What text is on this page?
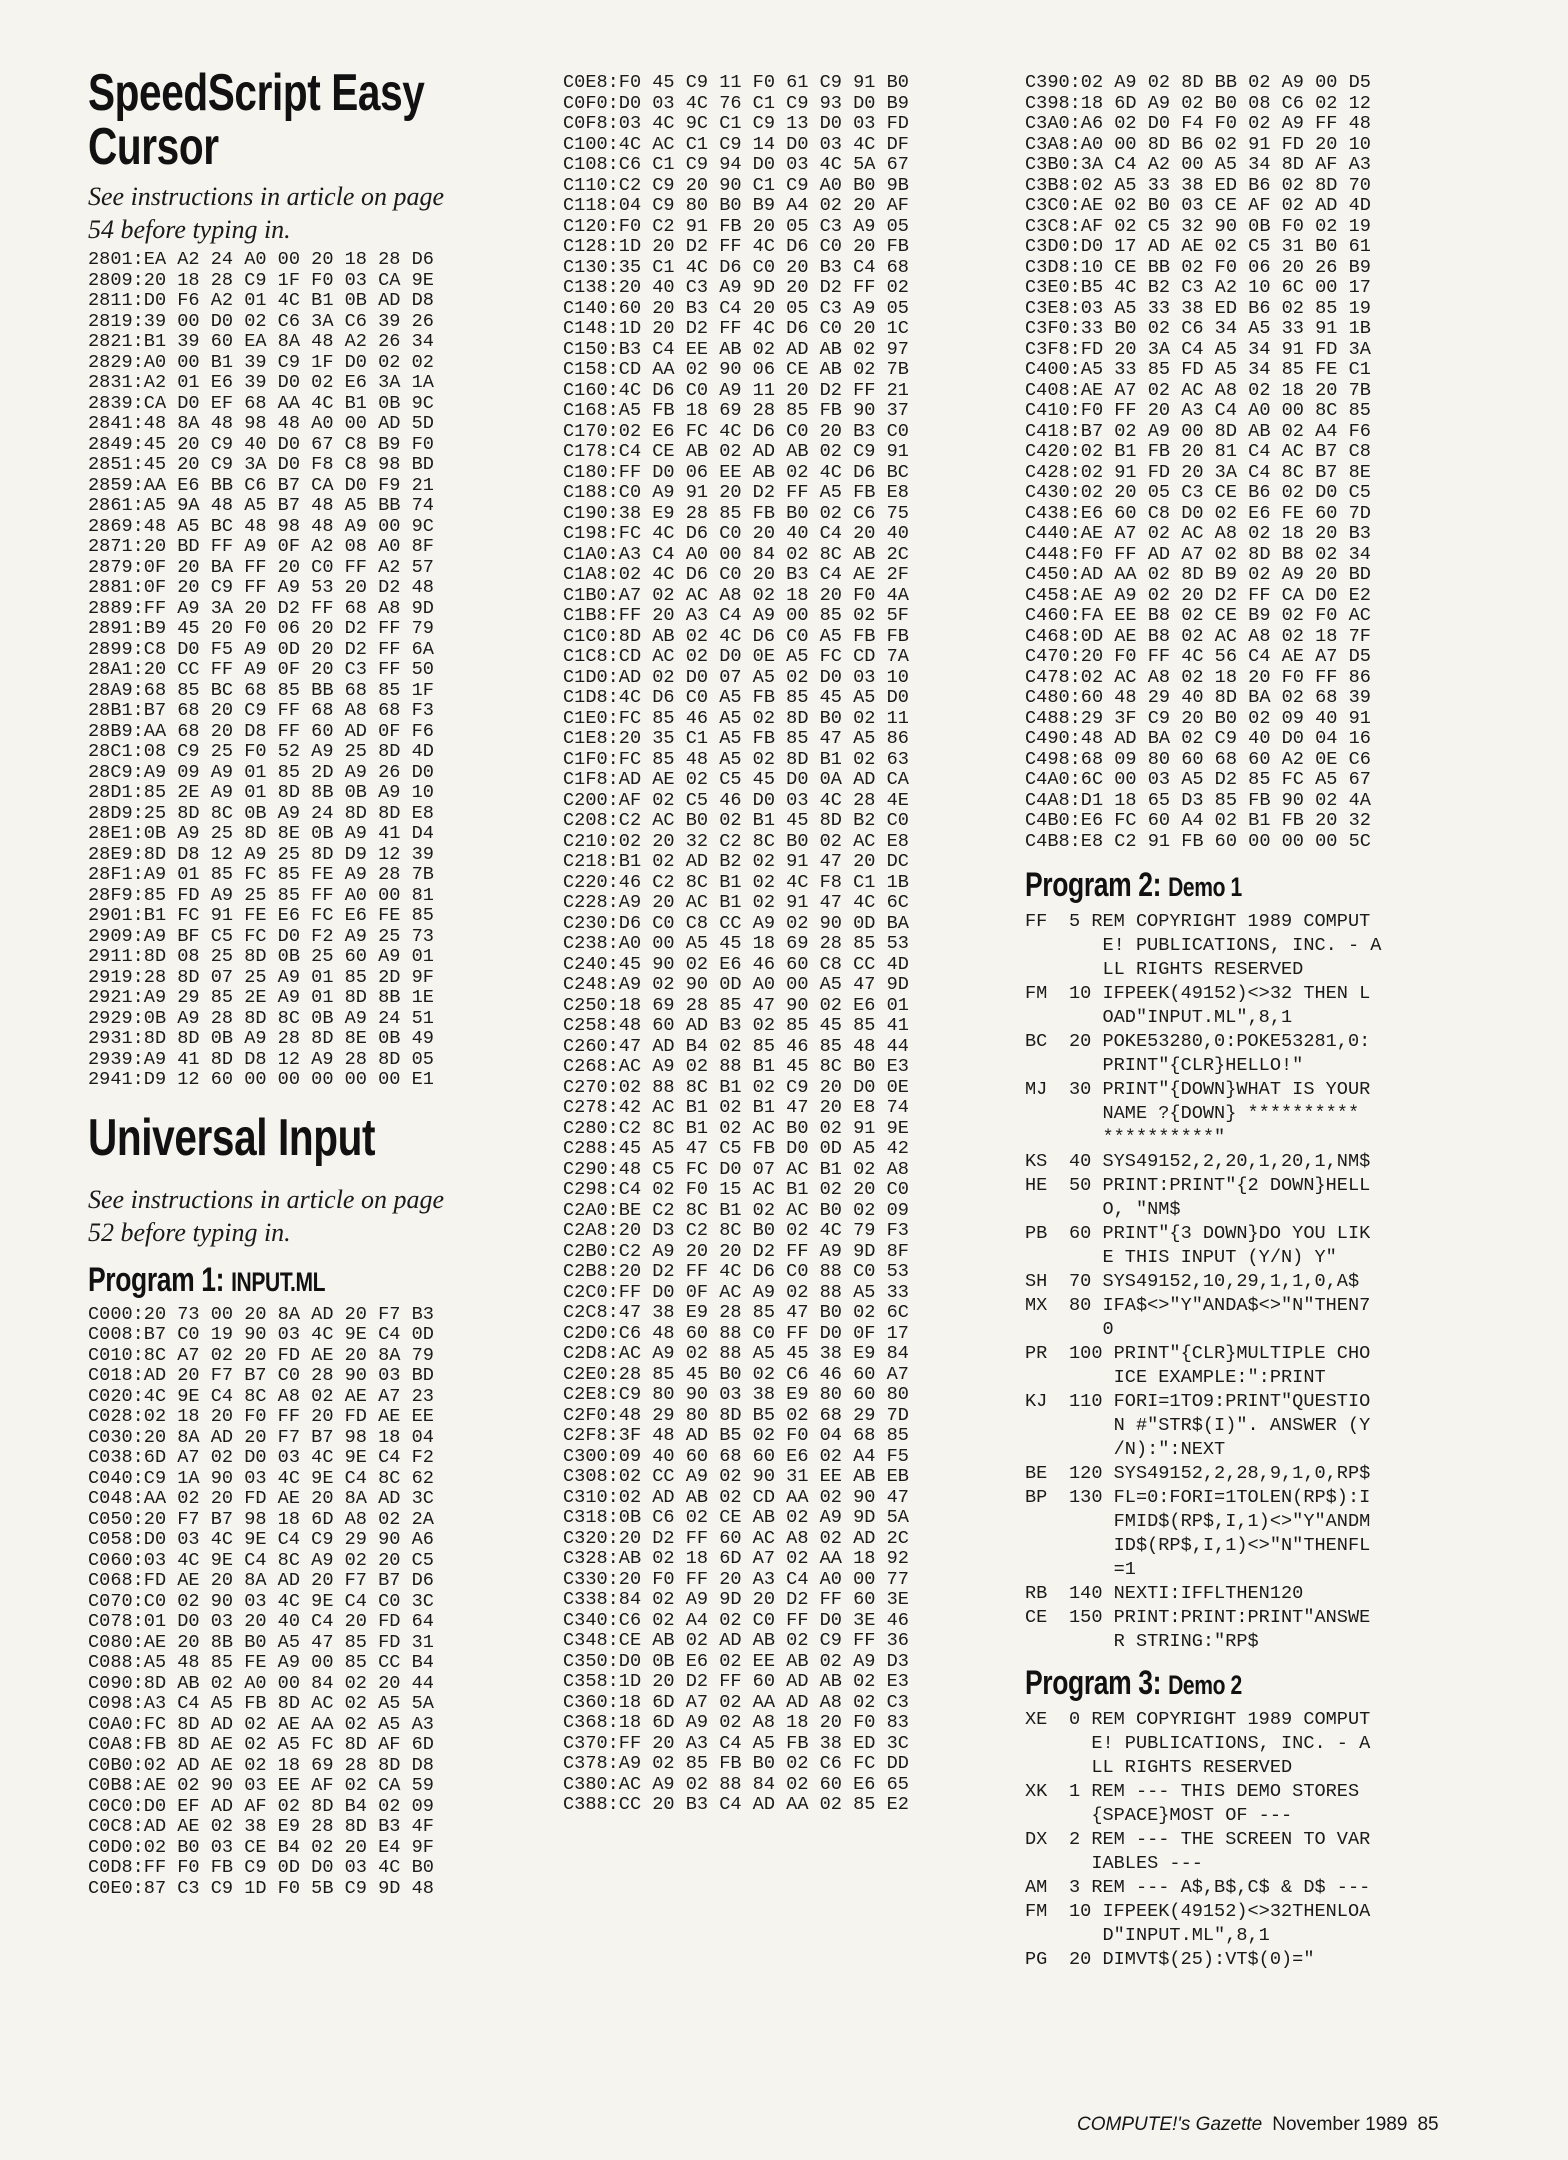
SpeedScript Easy
Cursor

See instructions in article on page

54 before typing in.

2801:EA A2 24 A0 00 20 18 28 D6
2809:20 18 28 C9 1F F0 03 CA 9E
2811:D0 F6 A2 01 4C B1 0B AD D8
2819:39 00 D0 02 C6 3A C6 39 26
2821:B1 39 60 EA 8A 48 A2 26 34
2829:A0 00 B1 39 C9 1F D0 02 02
2831:A2 01 E6 39 D0 02 E6 3A 1A
2839:CA D0 EF 68 AA 4C B1 0B 9C
2841:48 8A 48 98 48 A0 00 AD 5D
2849:45 20 C9 40 D0 67 C8 B9 F0
2851:45 20 C9 3A D0 F8 C8 98 BD
2859:AA E6 BB C6 B7 CA D0 F9 21
2861:A5 9A 48 A5 B7 48 A5 BB 74
2869:48 A5 BC 48 98 48 A9 00 9C
2871:20 BD FF A9 0F A2 08 A0 8F
2879:0F 20 BA FF 20 C0 FF A2 57
2881:0F 20 C9 FF A9 53 20 D2 48
2889:FF A9 3A 20 D2 FF 68 A8 9D
2891:B9 45 20 F0 06 20 D2 FF 79
2899:C8 D0 F5 A9 0D 20 D2 FF 6A
28A1:20 CC FF A9 0F 20 C3 FF 50
28A9:68 85 BC 68 85 BB 68 85 1F
28B1:B7 68 20 C9 FF 68 A8 68 F3
28B9:AA 68 20 D8 FF 60 AD 0F F6
28C1:08 C9 25 F0 52 A9 25 8D 4D
28C9:A9 09 A9 01 85 2D A9 26 D0
28D1:85 2E A9 01 8D 8B 0B A9 10
28D9:25 8D 8C 0B A9 24 8D 8D E8
28E1:0B A9 25 8D 8E 0B A9 41 D4
28E9:8D D8 12 A9 25 8D D9 12 39
28F1:A9 01 85 FC 85 FE A9 28 7B
28F9:85 FD A9 25 85 FF A0 00 81
2901:B1 FC 91 FE E6 FC E6 FE 85
2909:A9 BF C5 FC D0 F2 A9 25 73
2911:8D 08 25 8D 0B 25 60 A9 01
2919:28 8D 07 25 A9 01 85 2D 9F
2921:A9 29 85 2E A9 01 8D 8B 1E
2929:0B A9 28 8D 8C 0B A9 24 51
2931:8D 8D 0B A9 28 8D 8E 0B 49
2939:A9 41 8D D8 12 A9 28 8D 05
2941:D9 12 60 00 00 00 00 00 E1
Universal Input

See instructions in article on page

52 before typing in.

Program 1: INPUT.ML
C000:20 73 00 20 8A AD 20 F7 B3
C008:B7 C0 19 90 03 4C 9E C4 0D
C010:8C A7 02 20 FD AE 20 8A 79
C018:AD 20 F7 B7 C0 28 90 03 BD
C020:4C 9E C4 8C A8 02 AE A7 23
C028:02 18 20 F0 FF 20 FD AE EE
C030:20 8A AD 20 F7 B7 98 18 04
C038:6D A7 02 D0 03 4C 9E C4 F2
C040:C9 1A 90 03 4C 9E C4 8C 62
C048:AA 02 20 FD AE 20 8A AD 3C
C050:20 F7 B7 98 18 6D A8 02 2A
C058:D0 03 4C 9E C4 C9 29 90 A6
C060:03 4C 9E C4 8C A9 02 20 C5
C068:FD AE 20 8A AD 20 F7 B7 D6
C070:C0 02 90 03 4C 9E C4 C0 3C
C078:01 D0 03 20 40 C4 20 FD 64
C080:AE 20 8B B0 A5 47 85 FD 31
C088:A5 48 85 FE A9 00 85 CC B4
C090:8D AB 02 A0 00 84 02 20 44
C098:A3 C4 A5 FB 8D AC 02 A5 5A
C0A0:FC 8D AD 02 AE AA 02 A5 A3
C0A8:FB 8D AE 02 A5 FC 8D AF 6D
C0B0:02 AD AE 02 18 69 28 8D D8
C0B8:AE 02 90 03 EE AF 02 CA 59
C0C0:D0 EF AD AF 02 8D B4 02 09
C0C8:AD AE 02 38 E9 28 8D B3 4F
C0D0:02 B0 03 CE B4 02 20 E4 9F
C0D8:FF F0 FB C9 0D D0 03 4C B0
C0E0:87 C3 C9 1D F0 5B C9 9D 48
C0E8:F0 45 C9 11 F0 61 C9 91 B0
C0F0:D0 03 4C 76 C1 C9 93 D0 B9
C0F8:03 4C 9C C1 C9 13 D0 03 FD
C100:4C AC C1 C9 14 D0 03 4C DF
C108:C6 C1 C9 94 D0 03 4C 5A 67
C110:C2 C9 20 90 C1 C9 A0 B0 9B
C118:04 C9 80 B0 B9 A4 02 20 AF
C120:F0 C2 91 FB 20 05 C3 A9 05
C128:1D 20 D2 FF 4C D6 C0 20 FB
C130:35 C1 4C D6 C0 20 B3 C4 68
C138:20 40 C3 A9 9D 20 D2 FF 02
C140:60 20 B3 C4 20 05 C3 A9 05
C148:1D 20 D2 FF 4C D6 C0 20 1C
C150:B3 C4 EE AB 02 AD AB 02 97
C158:CD AA 02 90 06 CE AB 02 7B
C160:4C D6 C0 A9 11 20 D2 FF 21
C168:A5 FB 18 69 28 85 FB 90 37
C170:02 E6 FC 4C D6 C0 20 B3 C0
C178:C4 CE AB 02 AD AB 02 C9 91
C180:FF D0 06 EE AB 02 4C D6 BC
C188:C0 A9 91 20 D2 FF A5 FB E8
C190:38 E9 28 85 FB B0 02 C6 75
C198:FC 4C D6 C0 20 40 C4 20 40
C1A0:A3 C4 A0 00 84 02 8C AB 2C
C1A8:02 4C D6 C0 20 B3 C4 AE 2F
C1B0:A7 02 AC A8 02 18 20 F0 4A
C1B8:FF 20 A3 C4 A9 00 85 02 5F
C1C0:8D AB 02 4C D6 C0 A5 FB FB
C1C8:CD AC 02 D0 0E A5 FC CD 7A
C1D0:AD 02 D0 07 A5 02 D0 03 10
C1D8:4C D6 C0 A5 FB 85 45 A5 D0
C1E0:FC 85 46 A5 02 8D B0 02 11
C1E8:20 35 C1 A5 FB 85 47 A5 86
C1F0:FC 85 48 A5 02 8D B1 02 63
C1F8:AD AE 02 C5 45 D0 0A AD CA
C200:AF 02 C5 46 D0 03 4C 28 4E
C208:C2 AC B0 02 B1 45 8D B2 C0
C210:02 20 32 C2 8C B0 02 AC E8
C218:B1 02 AD B2 02 91 47 20 DC
C220:46 C2 8C B1 02 4C F8 C1 1B
C228:A9 20 AC B1 02 91 47 4C 6C
C230:D6 C0 C8 CC A9 02 90 0D BA
C238:A0 00 A5 45 18 69 28 85 53
C240:45 90 02 E6 46 60 C8 CC 4D
C248:A9 02 90 0D A0 00 A5 47 9D
C250:18 69 28 85 47 90 02 E6 01
C258:48 60 AD B3 02 85 45 85 41
C260:47 AD B4 02 85 46 85 48 44
C268:AC A9 02 88 B1 45 8C B0 E3
C270:02 88 8C B1 02 C9 20 D0 0E
C278:42 AC B1 02 B1 47 20 E8 74
C280:C2 8C B1 02 AC B0 02 91 9E
C288:45 A5 47 C5 FB D0 0D A5 42
C290:48 C5 FC D0 07 AC B1 02 A8
C298:C4 02 F0 15 AC B1 02 20 C0
C2A0:BE C2 8C B1 02 AC B0 02 09
C2A8:20 D3 C2 8C B0 02 4C 79 F3
C2B0:C2 A9 20 20 D2 FF A9 9D 8F
C2B8:20 D2 FF 4C D6 C0 88 C0 53
C2C0:FF D0 0F AC A9 02 88 A5 33
C2C8:47 38 E9 28 85 47 B0 02 6C
C2D0:C6 48 60 88 C0 FF D0 0F 17
C2D8:AC A9 02 88 A5 45 38 E9 84
C2E0:28 85 45 B0 02 C6 46 60 A7
C2E8:C9 80 90 03 38 E9 80 60 80
C2F0:48 29 80 8D B5 02 68 29 7D
C2F8:3F 48 AD B5 02 F0 04 68 85
C300:09 40 60 68 60 E6 02 A4 F5
C308:02 CC A9 02 90 31 EE AB EB
C310:02 AD AB 02 CD AA 02 90 47
C318:0B C6 02 CE AB 02 A9 9D 5A
C320:20 D2 FF 60 AC A8 02 AD 2C
C328:AB 02 18 6D A7 02 AA 18 92
C330:20 F0 FF 20 A3 C4 A0 00 77
C338:84 02 A9 9D 20 D2 FF 60 3E
C340:C6 02 A4 02 C0 FF D0 3E 46
C348:CE AB 02 AD AB 02 C9 FF 36
C350:D0 0B E6 02 EE AB 02 A9 D3
C358:1D 20 D2 FF 60 AD AB 02 E3
C360:18 6D A7 02 AA AD A8 02 C3
C368:18 6D A9 02 A8 18 20 F0 83
C370:FF 20 A3 C4 A5 FB 38 ED 3C
C378:A9 02 85 FB B0 02 C6 FC DD
C380:AC A9 02 88 84 02 60 E6 65
C388:CC 20 B3 C4 AD AA 02 85 E2
C390:02 A9 02 8D BB 02 A9 00 D5
C398:18 6D A9 02 B0 08 C6 02 12
C3A0:A6 02 D0 F4 F0 02 A9 FF 48
C3A8:A0 00 8D B6 02 91 FD 20 10
C3B0:3A C4 A2 00 A5 34 8D AF A3
C3B8:02 A5 33 38 ED B6 02 8D 70
C3C0:AE 02 B0 03 CE AF 02 AD 4D
C3C8:AF 02 C5 32 90 0B F0 02 19
C3D0:D0 17 AD AE 02 C5 31 B0 61
C3D8:10 CE BB 02 F0 06 20 26 B9
C3E0:B5 4C B2 C3 A2 10 6C 00 17
C3E8:03 A5 33 38 ED B6 02 85 19
C3F0:33 B0 02 C6 34 A5 33 91 1B
C3F8:FD 20 3A C4 A5 34 91 FD 3A
C400:A5 33 85 FD A5 34 85 FE C1
C408:AE A7 02 AC A8 02 18 20 7B
C410:F0 FF 20 A3 C4 A0 00 8C 85
C418:B7 02 A9 00 8D AB 02 A4 F6
C420:02 B1 FB 20 81 C4 AC B7 C8
C428:02 91 FD 20 3A C4 8C B7 8E
C430:02 20 05 C3 CE B6 02 D0 C5
C438:E6 60 C8 D0 02 E6 FE 60 7D
C440:AE A7 02 AC A8 02 18 20 B3
C448:F0 FF AD A7 02 8D B8 02 34
C450:AD AA 02 8D B9 02 A9 20 BD
C458:AE A9 02 20 D2 FF CA D0 E2
C460:FA EE B8 02 CE B9 02 F0 AC
C468:0D AE B8 02 AC A8 02 18 7F
C470:20 F0 FF 4C 56 C4 AE A7 D5
C478:02 AC A8 02 18 20 F0 FF 86
C480:60 48 29 40 8D BA 02 68 39
C488:29 3F C9 20 B0 02 09 40 91
C490:48 AD BA 02 C9 40 D0 04 16
C498:68 09 80 60 68 60 A2 0E C6
C4A0:6C 00 03 A5 D2 85 FC A5 67
C4A8:D1 18 65 D3 85 FB 90 02 4A
C4B0:E6 FC 60 A4 02 B1 FB 20 32
C4B8:E8 C2 91 FB 60 00 00 00 5C
Program 2: Demo 1
FF	5 REM COPYRIGHT 1989 COMPUT
E! PUBLICATIONS, INC. - A
LL RIGHTS RESERVED
FM	10 IFPEEK(49152)<>32 THEN L
OAD"INPUT.ML",8,1
BC	20 POKE53280,0:POKE53281,0:
PRINT"{CLR}HELLO!"
MJ	30 PRINT"{DOWN}WHAT IS YOUR
NAME ?{DOWN} **********
**********"
KS	40 SYS49152,2,20,1,20,1,NM$
HE	50 PRINT:PRINT"{2 DOWN}HELL
O, "NM$
PB	60 PRINT"{3 DOWN}DO YOU LIK
E THIS INPUT (Y/N) Y"
SH	70 SYS49152,10,29,1,1,0,A$
MX	80 IFA$<>"Y"ANDA$<>"N"THEN7
0
PR	100 PRINT"{CLR}MULTIPLE CHO
ICE EXAMPLE:":PRINT
KJ	110 FORI=1TO9:PRINT"QUESTIO
N #"STR$(I)". ANSWER (Y
/N):":NEXT
BE	120 SYS49152,2,28,9,1,0,RP$
BP	130 FL=0:FORI=1TOLEN(RP$):I
FMID$(RP$,I,1)<>"Y"ANDM
ID$(RP$,I,1)<>"N"THENFL
=1
RB	140 NEXTI:IFFLTHEN120
CE	150 PRINT:PRINT:PRINT"ANSWE
R STRING:"RP$
Program 3: Demo 2
XE	0 REM COPYRIGHT 1989 COMPUT
E! PUBLICATIONS, INC. - A
LL RIGHTS RESERVED
XK	1 REM --- THIS DEMO STORES
{SPACE}MOST OF ---
DX	2 REM --- THE SCREEN TO VAR
IABLES ---
AM	3 REM --- A$,B$,C$ & D$ ---
FM	10 IFPEEK(49152)<>32THENLOA
D"INPUT.ML",8,1
PG	20 DIMVT$(25):VT$(0)="
COMPUTE!'s Gazette November 1989 85
